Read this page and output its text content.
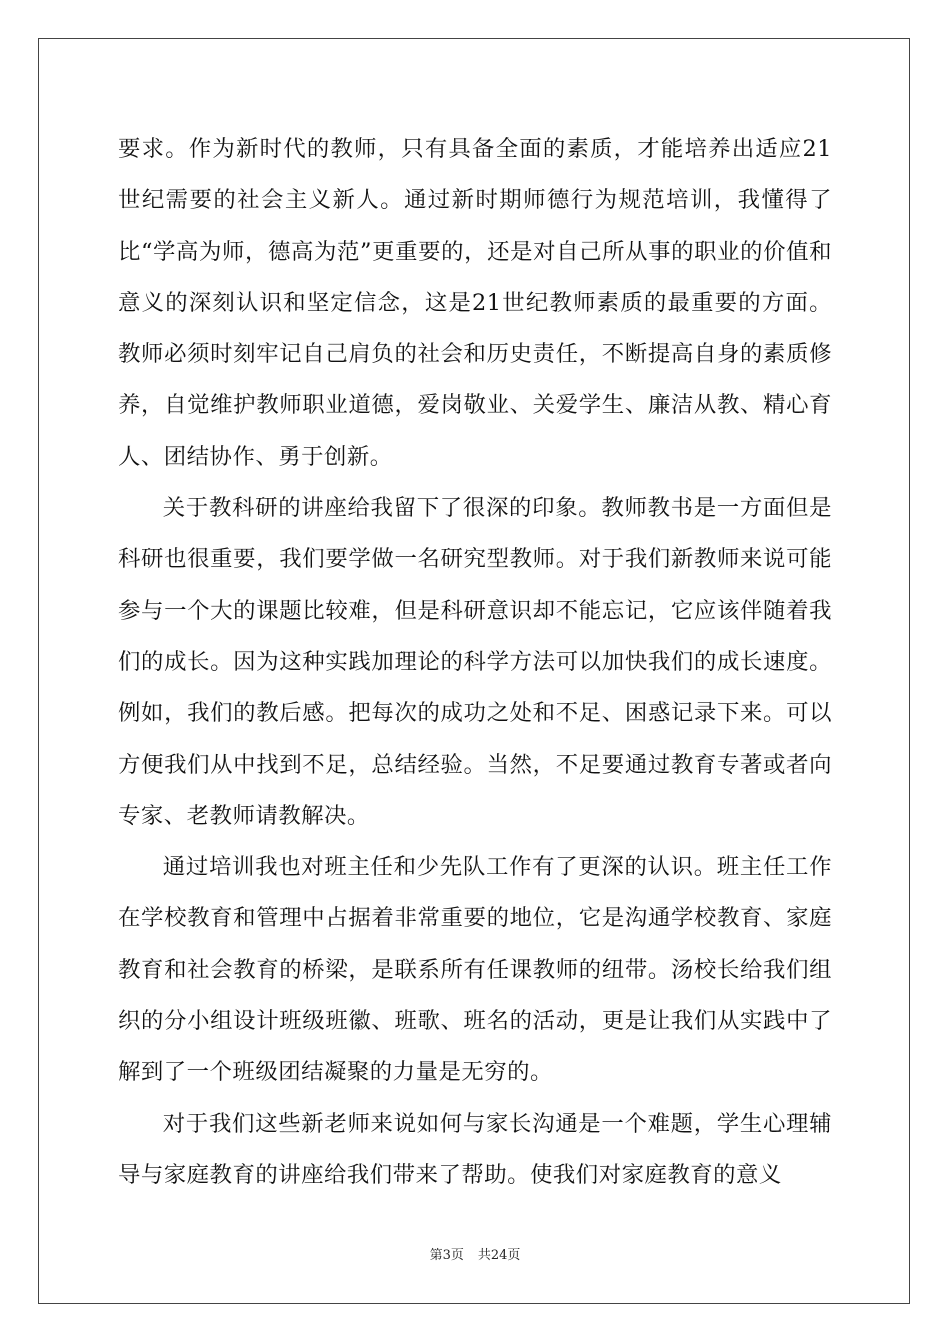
要求。作为新时代的教师，只有具备全面的素质，才能培养出适应21世纪需要的社会主义新人。通过新时期师德行为规范培训，我懂得了比“学高为师，德高为范”更重要的，还是对自己所从事的职业的价值和意义的深刻认识和坚定信念，这是21世纪教师素质的最重要的方面。教师必须时刻牢记自己肩负的社会和历史责任，不断提高自身的素质修养，自觉维护教师职业道德，爱岗敬业、关爱学生、廉洁从教、精心育人、团结协作、勇于创新。

关于教科研的讲座给我留下了很深的印象。教师教书是一方面但是科研也很重要，我们要学做一名研究型教师。对于我们新教师来说可能参与一个大的课题比较难，但是科研意识却不能忘记，它应该伴随着我们的成长。因为这种实践加理论的科学方法可以加快我们的成长速度。例如，我们的教后感。把每次的成功之处和不足、困惑记录下来。可以方便我们从中找到不足，总结经验。当然，不足要通过教育专著或者向专家、老教师请教解决。

通过培训我也对班主任和少先队工作有了更深的认识。班主任工作在学校教育和管理中占据着非常重要的地位，它是沟通学校教育、家庭教育和社会教育的桥梁，是联系所有任课教师的纽带。汤校长给我们组织的分小组设计班级班徽、班歌、班名的活动，更是让我们从实践中了解到了一个班级团结凝聚的力量是无穷的。

对于我们这些新老师来说如何与家长沟通是一个难题，学生心理辅导与家庭教育的讲座给我们带来了帮助。使我们对家庭教育的意义

第3页 共24页
